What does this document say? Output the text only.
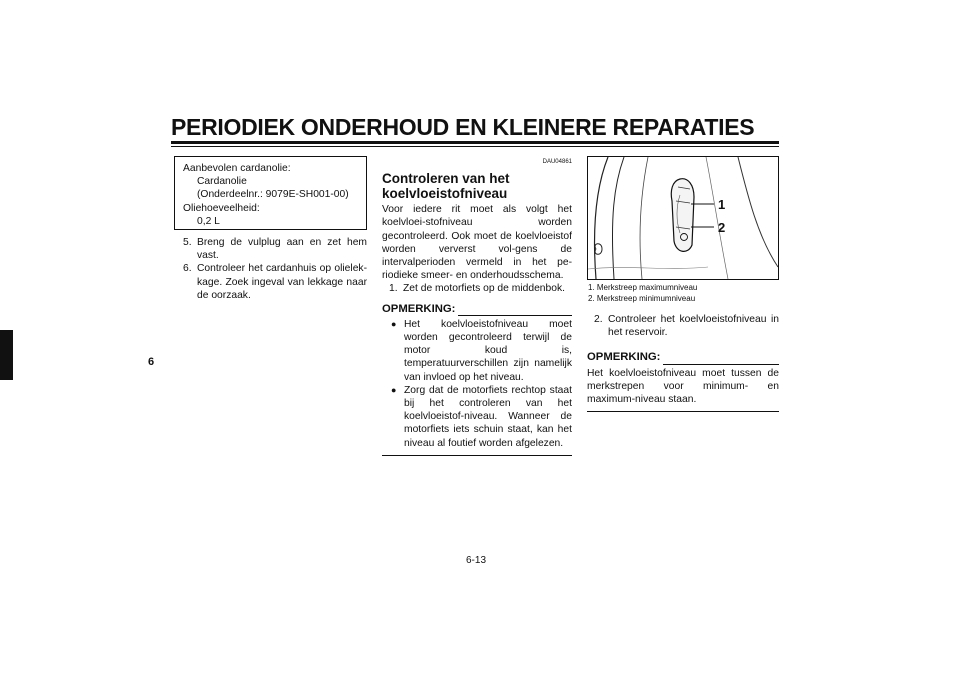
PERIODIEK ONDERHOUD EN KLEINERE REPARATIES
6
Aanbevolen cardanolie:
Cardanolie
(Onderdeelnr.: 9079E-SH001-00)
Oliehoeveelheid:
0,2 L
5. Breng de vulplug aan en zet hem vast.
6. Controleer het cardanhuis op olielek-kage. Zoek ingeval van lekkage naar de oorzaak.
DAU04861
Controleren van het koelvloeistofniveau
Voor iedere rit moet als volgt het koelvloei-stofniveau worden gecontroleerd. Ook moet de koelvloeistof worden ververst vol-gens de intervalperioden vermeld in het pe-riodieke smeer- en onderhoudsschema.
1. Zet de motorfiets op de middenbok.
OPMERKING:
● Het koelvloeistofniveau moet worden gecontroleerd terwijl de motor koud is, temperatuurverschillen zijn namelijk van invloed op het niveau.
● Zorg dat de motorfiets rechtop staat bij het controleren van het koelvloeistof-niveau. Wanneer de motorfiets iets schuin staat, kan het niveau al foutief worden afgelezen.
1
2
1. Merkstreep maximumniveau
2. Merkstreep minimumniveau
2. Controleer het koelvloeistofniveau in het reservoir.
OPMERKING:
Het koelvloeistofniveau moet tussen de merkstrepen voor minimum- en maximum-niveau staan.
6-13
